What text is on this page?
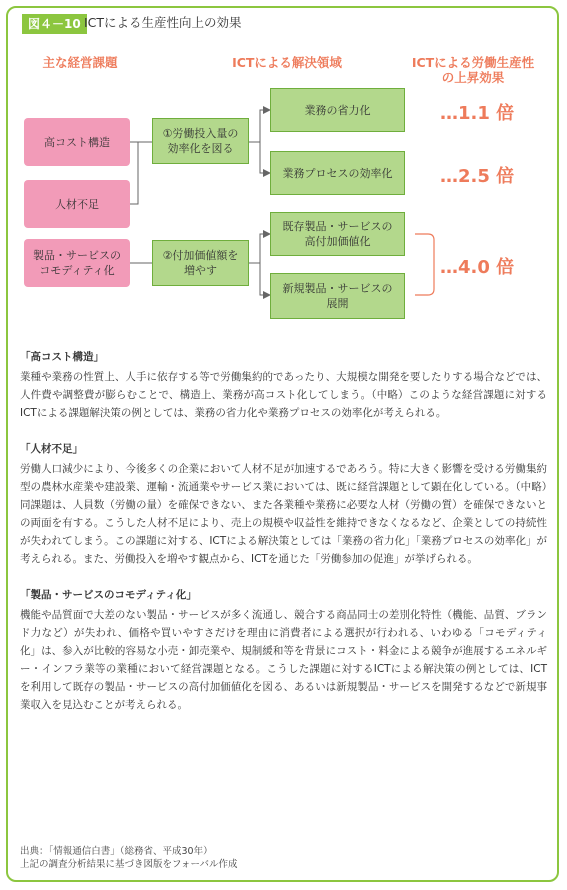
図４－10 ICTによる生産性向上の効果
主な経営課題	ICTによる解決領域	ICTによる労働生産性
の上昇効果
高コスト構造
人材不足
製品・サービスの
コモディティ化
①労働投入量の
効率化を図る
②付加価値額を
増やす
業務の省力化
業務プロセスの効率化
既存製品・サービスの
高付加価値化
新規製品・サービスの
展開
…1.1 倍
…2.5 倍
…4.0 倍
「高コスト構造」
業種や業務の性質上、人手に依存する等で労働集約的であったり、大規模な開発を要したりする場合などでは、人件費や調整費が膨らむことで、構造上、業務が高コスト化してしまう。（中略）このような経営課題に対するICTによる課題解決策の例としては、業務の省力化や業務プロセスの効率化が考えられる。
「人材不足」
労働人口減少により、今後多くの企業において人材不足が加速するであろう。特に大きく影響を受ける労働集約型の農林水産業や建設業、運輸・流通業やサービス業においては、既に経営課題として顕在化している。（中略）同課題は、人員数（労働の量）を確保できない、また各業種や業務に必要な人材（労働の質）を確保できないとの両面を有する。こうした人材不足により、売上の規模や収益性を維持できなくなるなど、企業としての持続性が失われてしまう。この課題に対する、ICTによる解決策としては「業務の省力化」「業務プロセスの効率化」が考えられる。また、労働投入を増やす観点から、ICTを通じた「労働参加の促進」が挙げられる。
「製品・サービスのコモディティ化」
機能や品質面で大差のない製品・サービスが多く流通し、競合する商品同士の差別化特性（機能、品質、ブランド力など）が失われ、価格や買いやすさだけを理由に消費者による選択が行われる、いわゆる「コモディティ化」は、参入が比較的容易な小売・卸売業や、規制緩和等を背景にコスト・料金による競争が進展するエネルギー・インフラ業等の業種において経営課題となる。こうした課題に対するICTによる解決策の例としては、ICTを利用して既存の製品・サービスの高付加価値化を図る、あるいは新規製品・サービスを開発するなどで新規事業収入を見込むことが考えられる。
出典：「情報通信白書」（総務省、平成30年）
上記の調査分析結果に基づき図版をフォーバル作成
